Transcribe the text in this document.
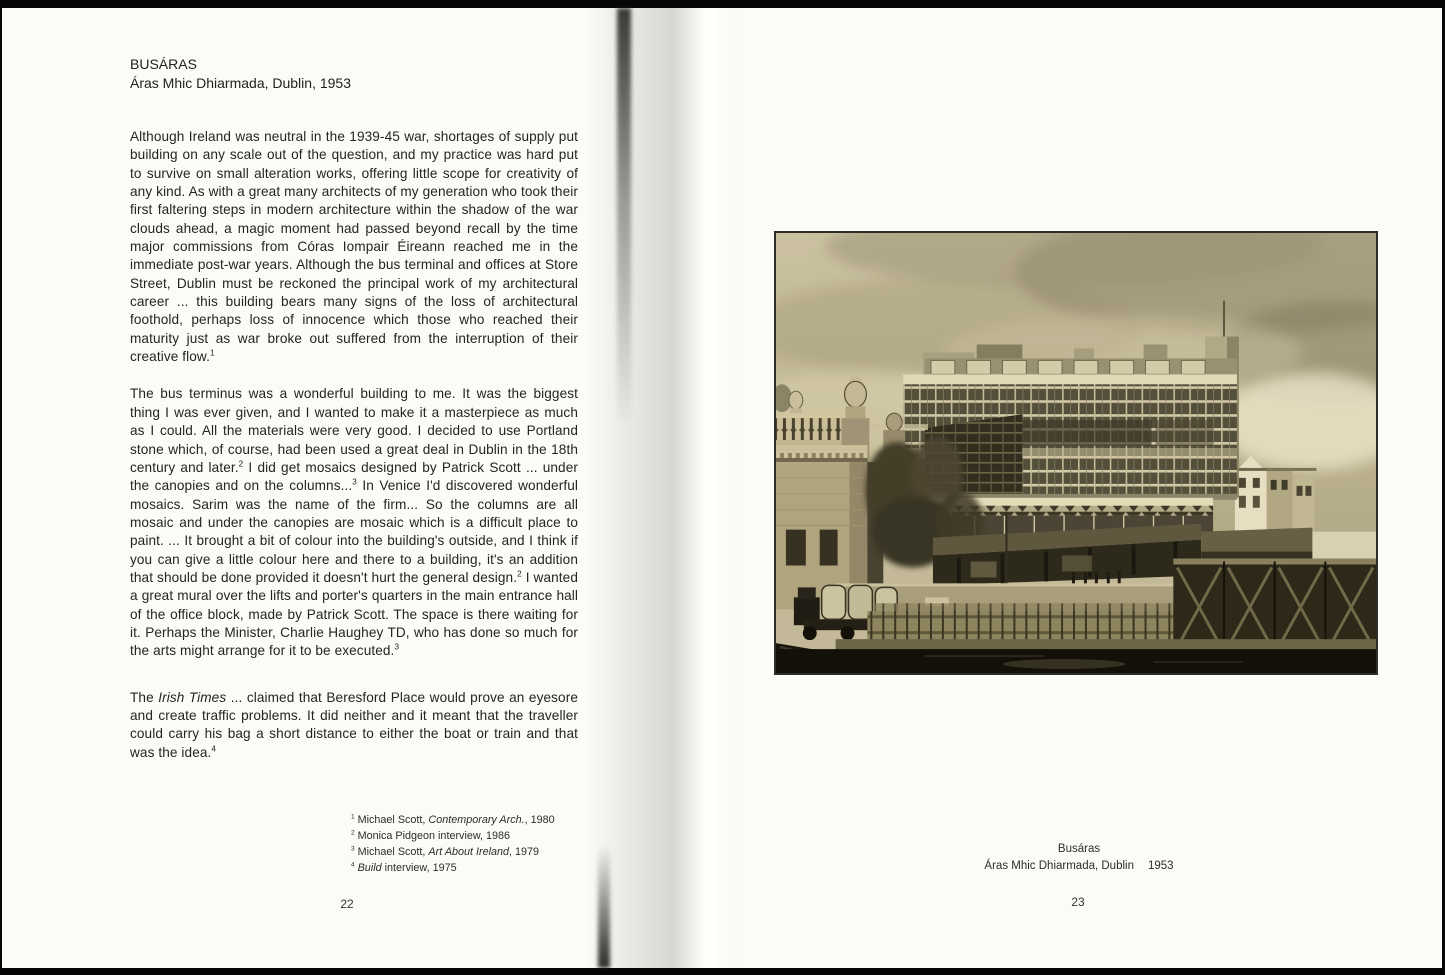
BUSÁRAS
Áras Mhic Dhiarmada, Dublin, 1953

Although Ireland was neutral in the 1939-45 war, shortages of supply put building on any scale out of the question, and my practice was hard put to survive on small alteration works, offering little scope for creativity of any kind. As with a great many architects of my generation who took their first faltering steps in modern architecture within the shadow of the war clouds ahead, a magic moment had passed beyond recall by the time major commissions from Córas Iompair Éireann reached me in the immediate post-war years. Although the bus terminal and offices at Store Street, Dublin must be reckoned the principal work of my architectural career ... this building bears many signs of the loss of architectural foothold, perhaps loss of innocence which those who reached their maturity just as war broke out suffered from the interruption of their creative flow.$^1$

The bus terminus was a wonderful building to me. It was the biggest thing I was ever given, and I wanted to make it a masterpiece as much as I could. All the materials were very good. I decided to use Portland stone which, of course, had been used a great deal in Dublin in the 18th century and later.$^2$ I did get mosaics designed by Patrick Scott ... under the canopies and on the columns...$^3$ In Venice I'd discovered wonderful mosaics. Sarim was the name of the firm... So the columns are all mosaic and under the canopies are mosaic which is a difficult place to paint. ... It brought a bit of colour into the building's outside, and I think if you can give a little colour here and there to a building, it's an addition that should be done provided it doesn't hurt the general design.$^2$ I wanted a great mural over the lifts and porter's quarters in the main entrance hall of the office block, made by Patrick Scott. The space is there waiting for it. Perhaps the Minister, Charlie Haughey TD, who has done so much for the arts might arrange for it to be executed.$^3$

The Irish Times ... claimed that Beresford Place would prove an eyesore and create traffic problems. It did neither and it meant that the traveller could carry his bag a short distance to either the boat or train and that was the idea.$^4$

$^1$ Michael Scott, Contemporary Arch., 1980
$^2$ Monica Pidgeon interview, 1986
$^3$ Michael Scott, Art About Ireland, 1979
$^4$ Build interview, 1975
22
Busáras
Áras Mhic Dhiarmada, Dublin 1953
23
